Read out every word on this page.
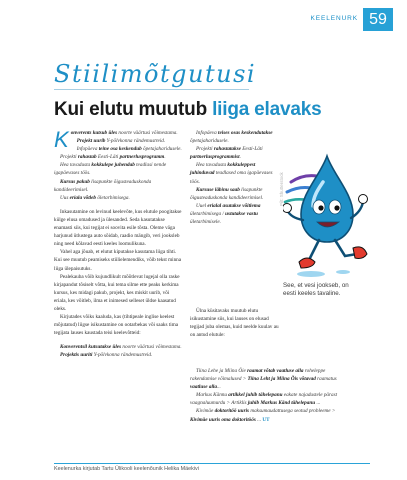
KEELENURK 59
Stiilimõtgutusi
Kui elutu muutub liiga elavaks

Konverents kutsub üles noorte väärtusi võimestama.

Projekt uurib Y-põlvkonna rändemustreid.

Infopäeva teine osa keskendub õpetajaharidusele.

Projekti rahastab Eesti-Läti partnerlusprogramm.

Hea tavadusta kokkulepe juhendab teadlasi nende igapäevases töös.

Kursus pakub lisapunkte õigusteaduskonda kandideerimisel.

Uus eriala võtleb õletarbimisega.

Inkasutamine on levinud keelevõte, kus elutule poogitakse külge elusa omadused ja ülesanded. Seda kasutatakse enamasti siis, kui tegijat ei soovita esile tõsta. Oleme väga harjunud ütlustega auto sõidab, raadio mängib, veri jooksleb ning need kõlavad eesti keeles loomulikuna.

Vahel aga jõuab, et elutut kiputakse kasutama liiga tihti. Kui see muutub peamiseks stiilielemendiks, võib tekst minna liiga ülepaisutuks.

Pealekauba võib kujundlikult mõõtlevat lugejal olla raske kirjapandut tõsiselt võtta, kui tema silme ette peaks kerkima kursus, kes midagi pakub, projekt, kes miskit uurib, või eriala, kes võitleb, ilma et inimesed selleset üldse kaasatud oleks.

Kirjutades võiks kaaluda, kas (tihtipeale inglise keelest mõjutatud) liigse isikustamine on ootarbekas või saaks tima tegijata lauses kaustada teisi keelevõtteid:

Konverentsil kutsutakse üles noorte väärtusi võimestama.

Projektis uuriti Y-põlvkonna rändemustreid.

Infopäeva teises osas keskendutakse õpetajaharidusele.

Projekti rahastatakse Eesti-Läti partnerlusprogrammist.

Hea tavadusta kokkuleppest juhinduvad teadlased oma igapäevases töös.

Kursuse läbinu saab lisapunkte õigusteaduskonda kandideerimisel.

Uuel erialal asutakse võitlema ületarbimisega / ustutakse vastu ületarbimisele.

Ülna küsitavaks muutub elutu isikustamine siis, kui lauses on elusad tegijad juba olemas, kuid neelde kuulav au on antud elutule:

Tiina Lehe ja Miina Õie raamat võtab vaatluse alla roheleppe rakendamise võimalused > Tiina Leht ja Miina Õis võtavad raamatus vaatluse alla...

Markus Kännu artikkel juhib tähelepanu eakate najadustele pärast vaagnaluumurdu > Artiklis juhib Markus Känd tähelepanu ...

Kivimäe doktoritöö uuris maksumaudattusega seotud probleeme > Kivimäe uuris oma doktoritöös ... UT

Pilt: Shutterstock
See, et vesi jookseb, on eesti keeles tavaline.
Keelenurka kirjutab Tartu Ülikooli keelenõunik Helika Mäekivi
